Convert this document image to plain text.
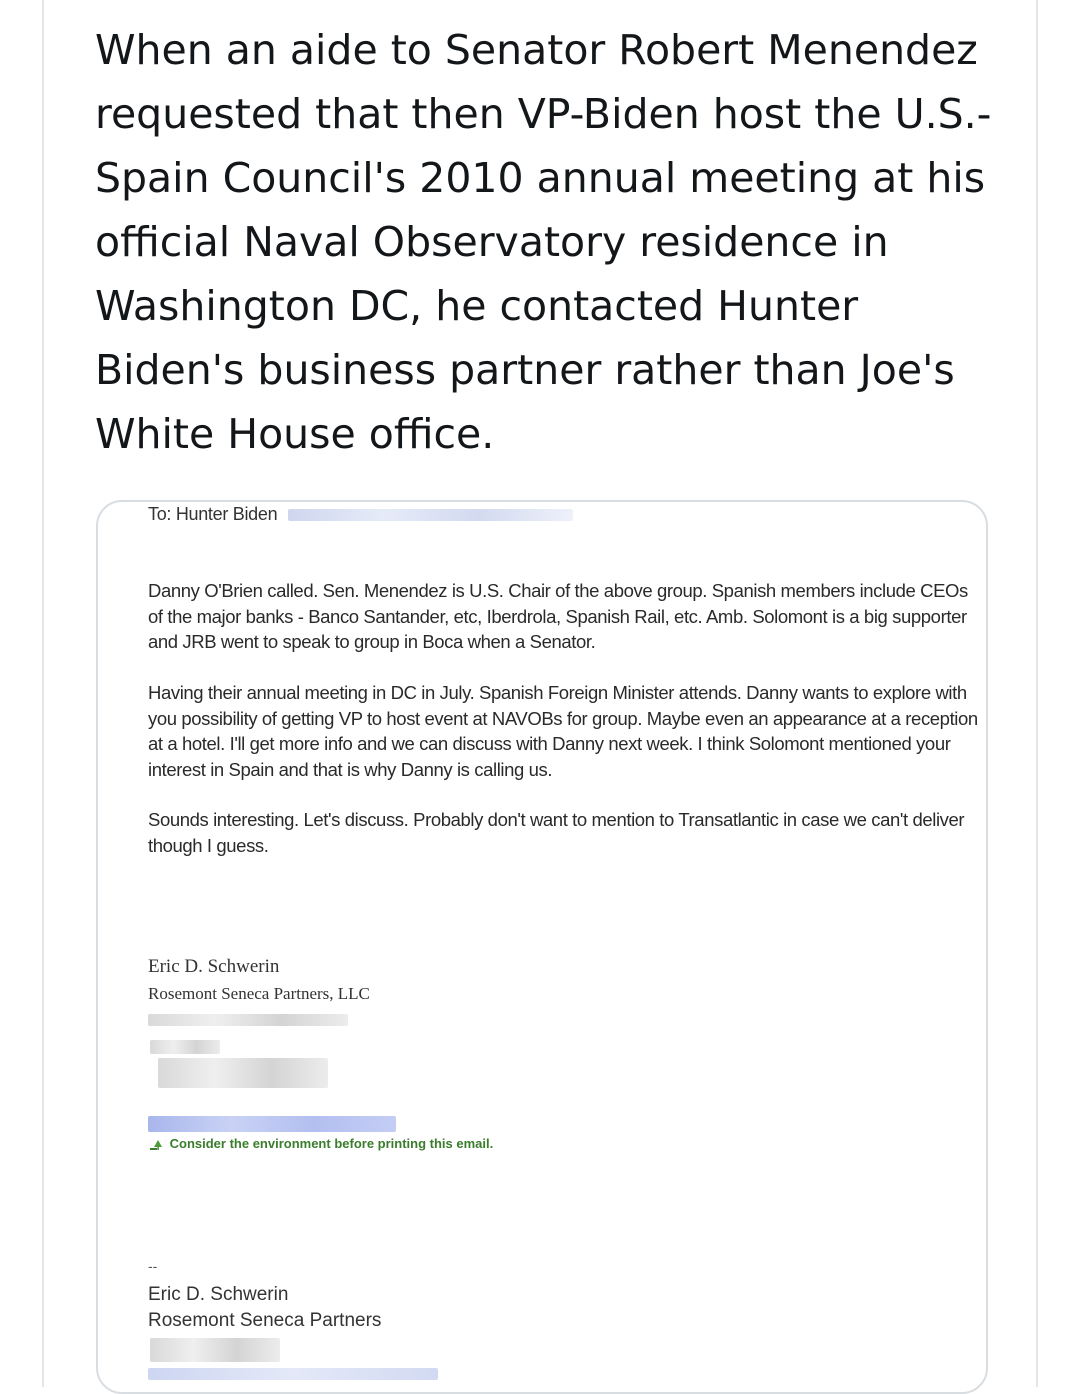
When an aide to Senator Robert Menendez requested that then VP-Biden host the U.S.-Spain Council's 2010 annual meeting at his official Naval Observatory residence in Washington DC, he contacted Hunter Biden's business partner rather than Joe's White House office.

To: Hunter Biden

Danny O'Brien called. Sen. Menendez is U.S. Chair of the above group. Spanish members include CEOs of the major banks - Banco Santander, etc, Iberdrola, Spanish Rail, etc. Amb. Solomont is a big supporter and JRB went to speak to group in Boca when a Senator.

Having their annual meeting in DC in July. Spanish Foreign Minister attends. Danny wants to explore with you possibility of getting VP to host event at NAVOBs for group. Maybe even an appearance at a reception at a hotel. I'll get more info and we can discuss with Danny next week. I think Solomont mentioned your interest in Spain and that is why Danny is calling us.

Sounds interesting. Let's discuss. Probably don't want to mention to Transatlantic in case we can't deliver though I guess.

Eric D. Schwerin
Rosemont Seneca Partners, LLC
Consider the environment before printing this email.
--
Eric D. Schwerin
Rosemont Seneca Partners
